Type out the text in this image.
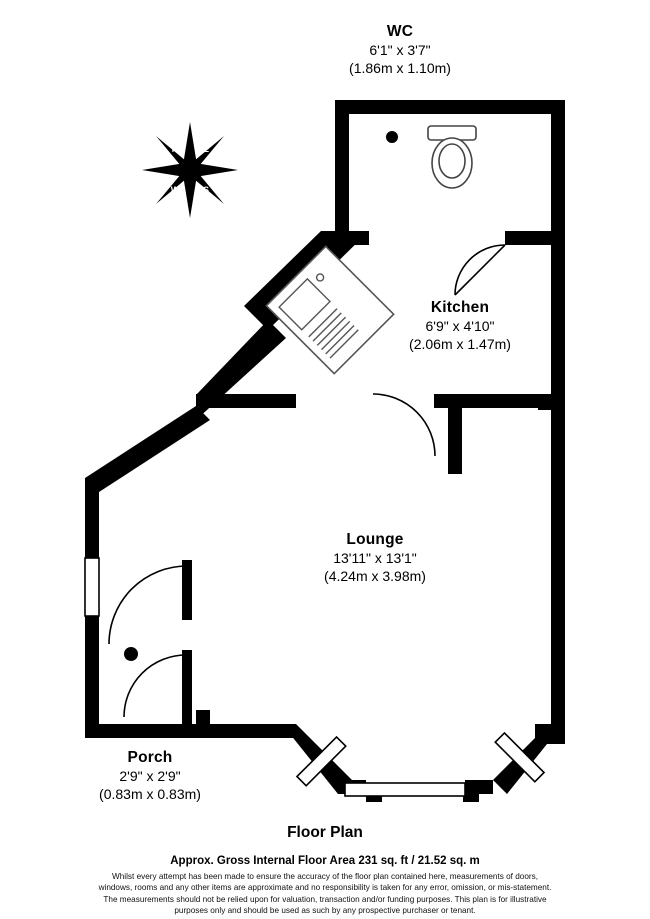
N	E
S
W
WC
6'1" x 3'7"
(1.86m x 1.10m)
Kitchen
6'9" x 4'10"
(2.06m x 1.47m)
Lounge
13'11" x 13'1"
(4.24m x 3.98m)
Porch
2'9" x 2'9"
(0.83m x 0.83m)
Floor Plan
Approx. Gross Internal Floor Area 231 sq. ft / 21.52 sq. m
Whilst every attempt has been made to ensure the accuracy of the floor plan contained here, measurements of doors, windows, rooms and any other items are approximate and no responsibility is taken for any error, omission, or mis-statement. The measurements should not be relied upon for valuation, transaction and/or funding purposes. This plan is for illustrative purposes only and should be used as such by any prospective purchaser or tenant.
